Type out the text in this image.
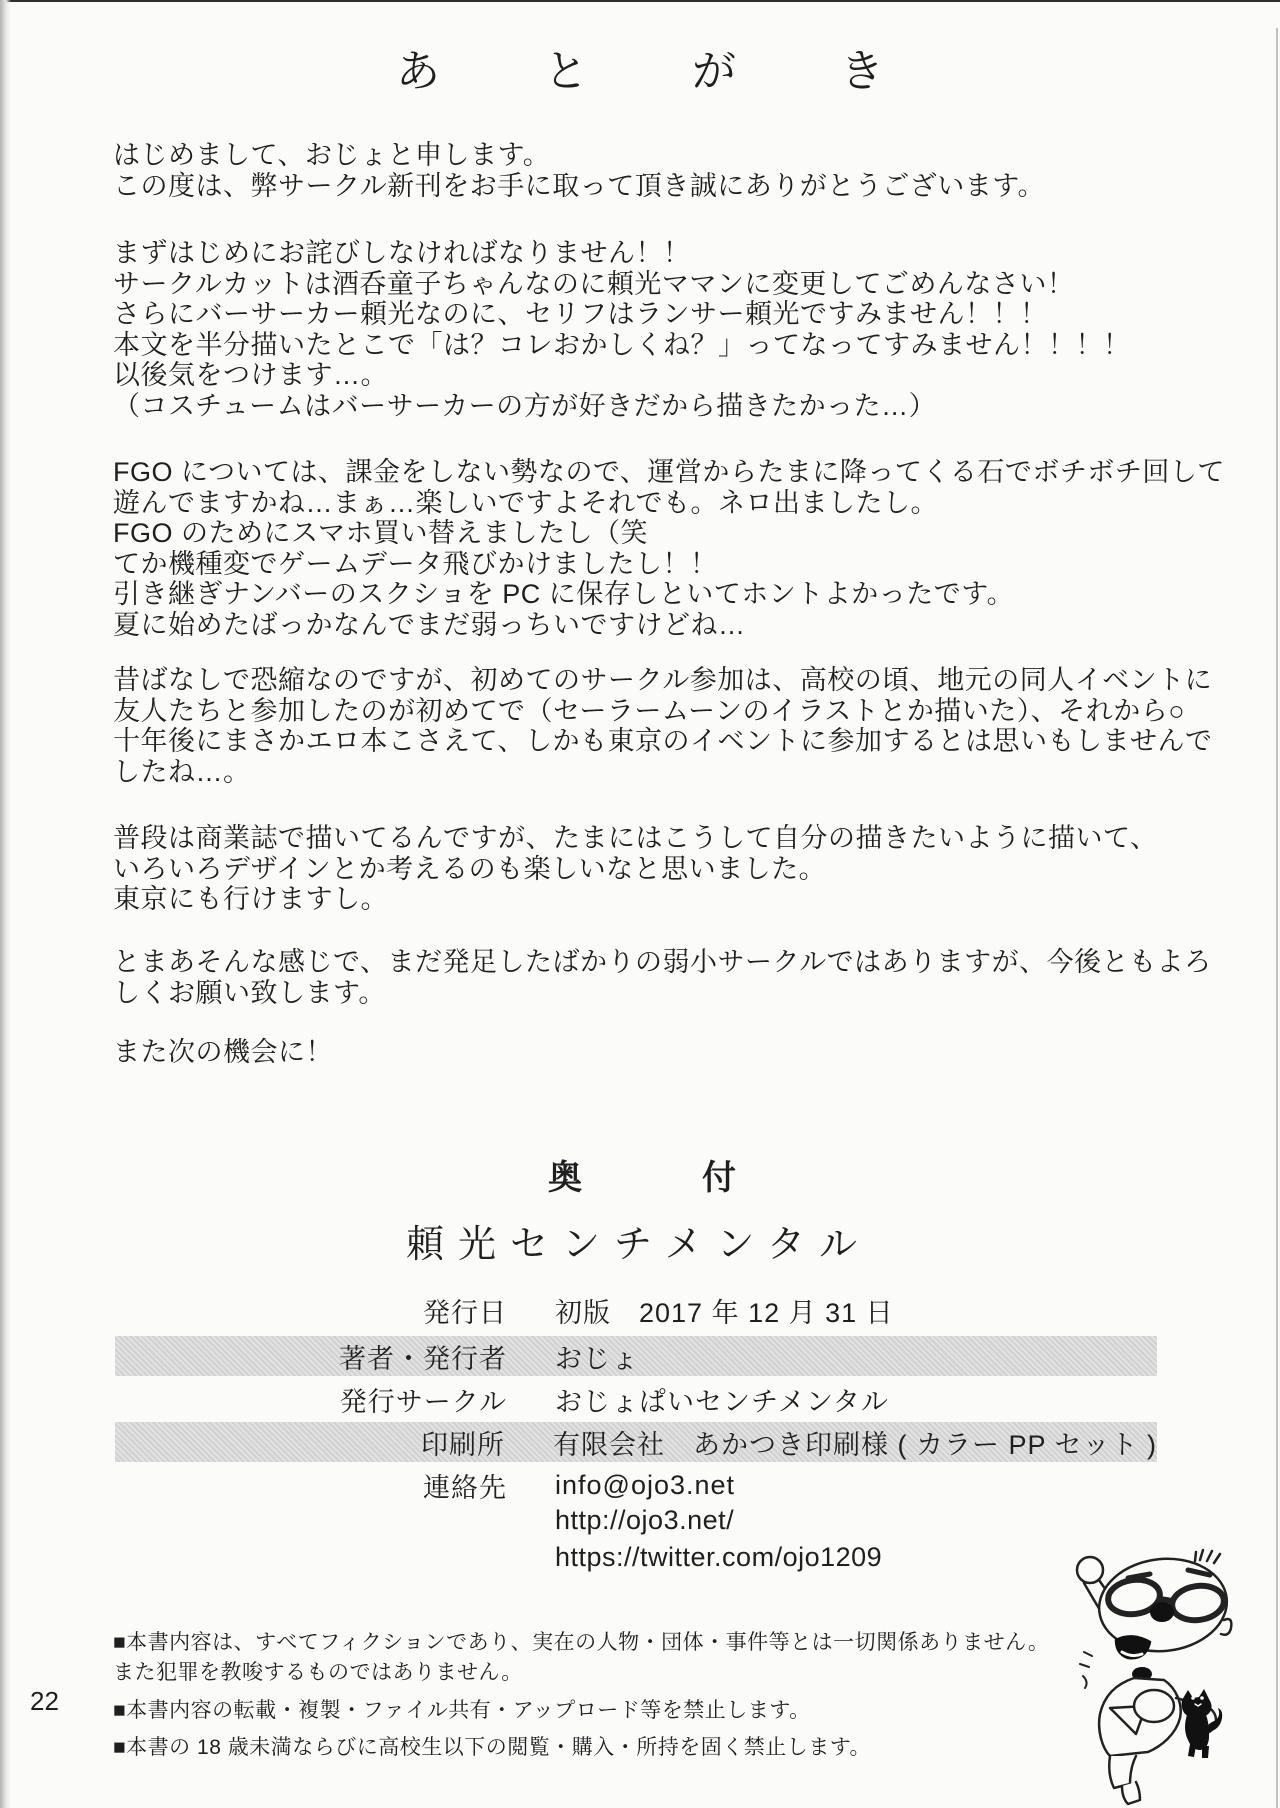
あとがき
はじめまして、おじょと申します。
この度は、弊サークル新刊をお手に取って頂き誠にありがとうございます。
まずはじめにお詫びしなければなりません！！
サークルカットは酒呑童子ちゃんなのに頼光ママンに変更してごめんなさい！
さらにバーサーカー頼光なのに、セリフはランサー頼光ですみません！！！
本文を半分描いたとこで「は？コレおかしくね？」ってなってすみません！！！！
以後気をつけます…。
（コスチュームはバーサーカーの方が好きだから描きたかった…）
FGO については、課金をしない勢なので、運営からたまに降ってくる石でボチボチ回して
遊んでますかね…まぁ…楽しいですよそれでも。ネロ出ましたし。
FGO のためにスマホ買い替えましたし（笑
てか機種変でゲームデータ飛びかけましたし！！
引き継ぎナンバーのスクショを PC に保存しといてホントよかったです。
夏に始めたばっかなんでまだ弱っちいですけどね…
昔ばなしで恐縮なのですが、初めてのサークル参加は、高校の頃、地元の同人イベントに
友人たちと参加したのが初めてで（セーラームーンのイラストとか描いた）、それから○
十年後にまさかエロ本こさえて、しかも東京のイベントに参加するとは思いもしませんで
したね…。
普段は商業誌で描いてるんですが、たまにはこうして自分の描きたいように描いて、
いろいろデザインとか考えるのも楽しいなと思いました。
東京にも行けますし。
とまあそんな感じで、まだ発足したばかりの弱小サークルではありますが、今後ともよろ
しくお願い致します。
また次の機会に！
奥付
頼光センチメンタル
発行日 初版　2017 年 12 月 31 日
著者・発行者 おじょ
発行サークル おじょぱいセンチメンタル
印刷所 有限会社　あかつき印刷様 ( カラー PP セット )
連絡先 info@ojo3.net
http://ojo3.net/
https://twitter.com/ojo1209
■本書内容は、すべてフィクションであり、実在の人物・団体・事件等とは一切関係ありません。
また犯罪を教唆するものではありません。
■本書内容の転載・複製・ファイル共有・アップロード等を禁止します。
■本書の 18 歳未満ならびに高校生以下の閲覧・購入・所持を固く禁止します。
22
